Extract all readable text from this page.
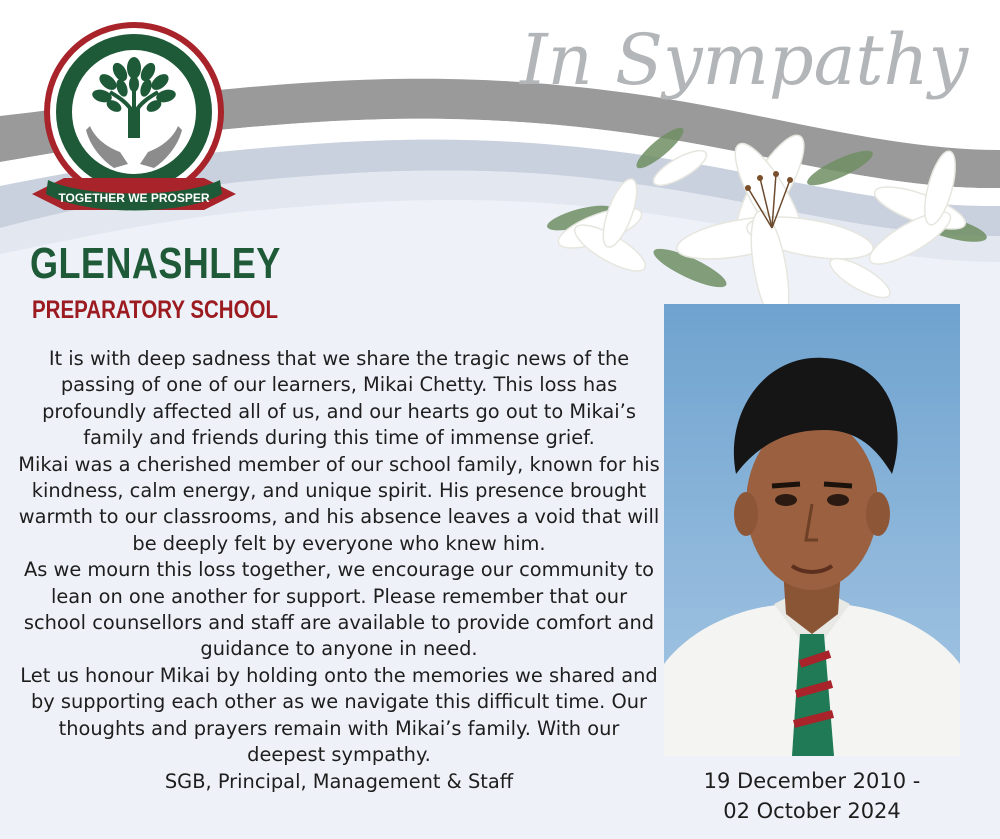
TOGETHER WE PROSPER
GLENASHLEY
PREPARATORY SCHOOL
In Sympathy

It is with deep sadness that we share the tragic news of the passing of one of our learners, Mikai Chetty. This loss has profoundly affected all of us, and our hearts go out to Mikai’s family and friends during this time of immense grief.

Mikai was a cherished member of our school family, known for his kindness, calm energy, and unique spirit. His presence brought warmth to our classrooms, and his absence leaves a void that will be deeply felt by everyone who knew him.

As we mourn this loss together, we encourage our community to lean on one another for support. Please remember that our school counsellors and staff are available to provide comfort and guidance to anyone in need.

Let us honour Mikai by holding onto the memories we shared and by supporting each other as we navigate this difficult time. Our thoughts and prayers remain with Mikai’s family. With our deepest sympathy.

SGB, Principal, Management & Staff	19 December 2010 -
02 October 2024
